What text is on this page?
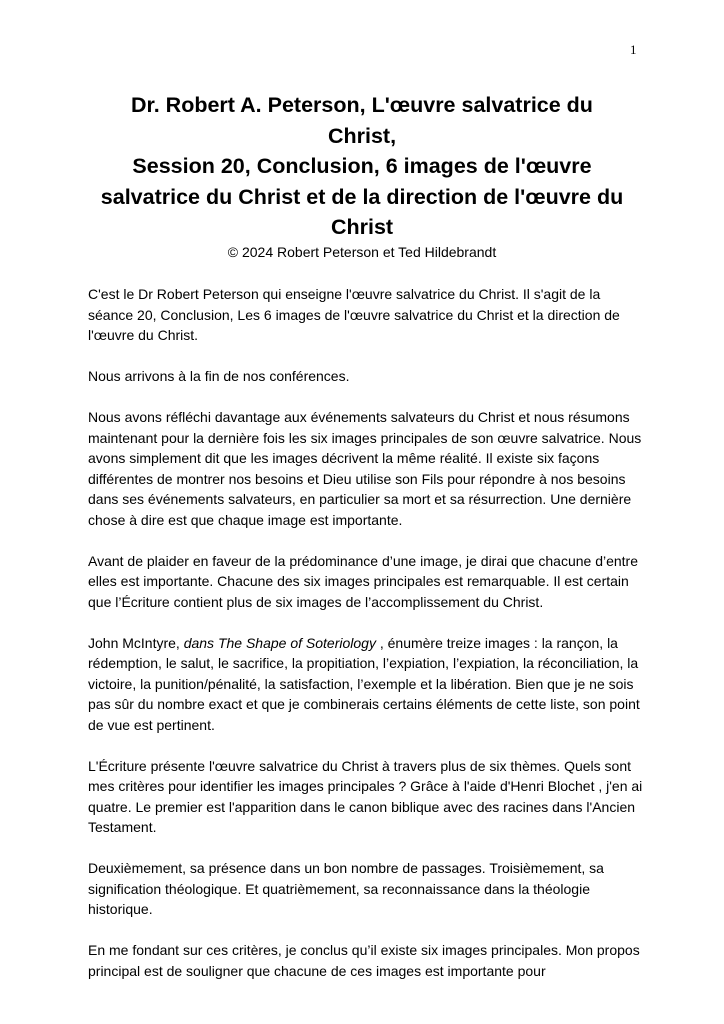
1
Dr. Robert A. Peterson, L'œuvre salvatrice du
Christ,
Session 20, Conclusion, 6 images de l'œuvre
salvatrice du Christ et de la direction de l'œuvre du
Christ
© 2024 Robert Peterson et Ted Hildebrandt

C'est le Dr Robert Peterson qui enseigne l'œuvre salvatrice du Christ. Il s'agit de la séance 20, Conclusion, Les 6 images de l'œuvre salvatrice du Christ et la direction de l'œuvre du Christ.

Nous arrivons à la fin de nos conférences.

Nous avons réfléchi davantage aux événements salvateurs du Christ et nous résumons maintenant pour la dernière fois les six images principales de son œuvre salvatrice. Nous avons simplement dit que les images décrivent la même réalité. Il existe six façons différentes de montrer nos besoins et Dieu utilise son Fils pour répondre à nos besoins dans ses événements salvateurs, en particulier sa mort et sa résurrection. Une dernière chose à dire est que chaque image est importante.

Avant de plaider en faveur de la prédominance d’une image, je dirai que chacune d’entre elles est importante. Chacune des six images principales est remarquable. Il est certain que l’Écriture contient plus de six images de l’accomplissement du Christ.

John McIntyre, dans The Shape of Soteriology , énumère treize images : la rançon, la rédemption, le salut, le sacrifice, la propitiation, l’expiation, l’expiation, la réconciliation, la victoire, la punition/pénalité, la satisfaction, l’exemple et la libération. Bien que je ne sois pas sûr du nombre exact et que je combinerais certains éléments de cette liste, son point de vue est pertinent.

L'Écriture présente l'œuvre salvatrice du Christ à travers plus de six thèmes. Quels sont mes critères pour identifier les images principales ? Grâce à l'aide d'Henri Blochet , j'en ai quatre. Le premier est l'apparition dans le canon biblique avec des racines dans l'Ancien Testament.

Deuxièmement, sa présence dans un bon nombre de passages. Troisièmement, sa signification théologique. Et quatrièmement, sa reconnaissance dans la théologie historique.

En me fondant sur ces critères, je conclus qu’il existe six images principales. Mon propos principal est de souligner que chacune de ces images est importante pour
